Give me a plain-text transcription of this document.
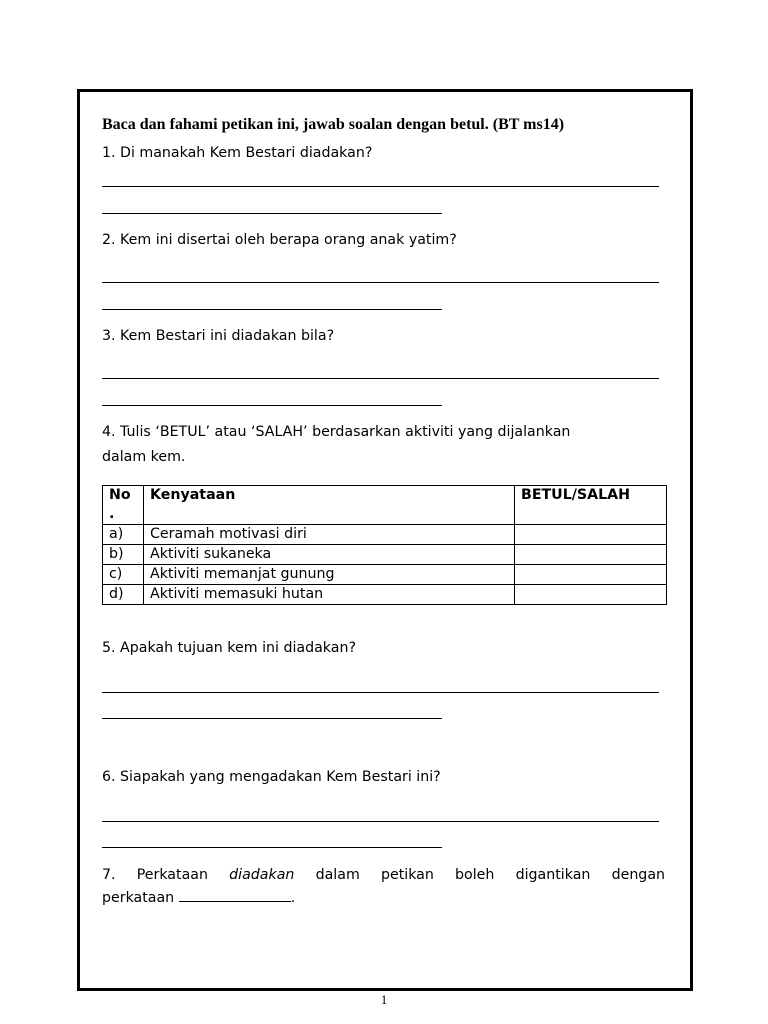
Baca dan fahami petikan ini, jawab soalan dengan betul. (BT ms14)
1. Di manakah Kem Bestari diadakan?
2. Kem ini disertai oleh berapa orang anak yatim?
3. Kem Bestari ini diadakan bila?
4. Tulis ‘BETUL’ atau ‘SALAH’ berdasarkan aktiviti yang dijalankan
dalam kem.
No .	Kenyataan	BETUL/SALAH
a)	Ceramah motivasi diri	
b)	Aktiviti sukaneka	
c)	Aktiviti memanjat gunung	
d)	Aktiviti memasuki hutan	
5. Apakah tujuan kem ini diadakan?
6. Siapakah yang mengadakan Kem Bestari ini?
7. Perkataan diadakan dalam petikan boleh digantikan dengan
perkataan	.
1
